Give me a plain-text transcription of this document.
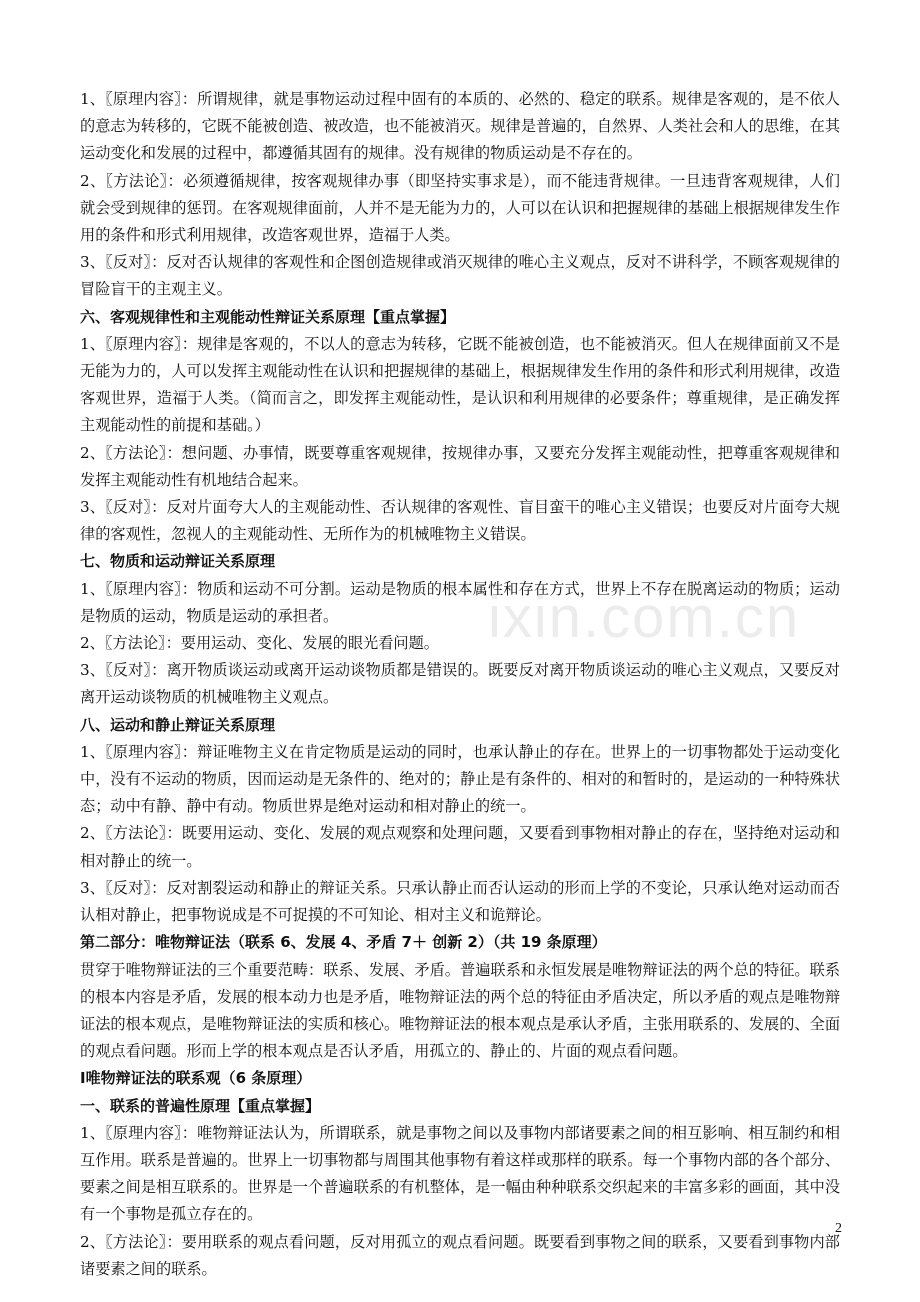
1、〖原理内容〗：所谓规律，就是事物运动过程中固有的本质的、必然的、稳定的联系。规律是客观的，是不依人的意志为转移的，它既不能被创造、被改造，也不能被消灭。规律是普遍的，自然界、人类社会和人的思维，在其运动变化和发展的过程中，都遵循其固有的规律。没有规律的物质运动是不存在的。

2、〖方法论〗：必须遵循规律，按客观规律办事（即坚持实事求是），而不能违背规律。一旦违背客观规律，人们就会受到规律的惩罚。在客观规律面前，人并不是无能为力的，人可以在认识和把握规律的基础上根据规律发生作用的条件和形式利用规律，改造客观世界，造福于人类。

3、〖反对〗：反对否认规律的客观性和企图创造规律或消灭规律的唯心主义观点，反对不讲科学，不顾客观规律的冒险盲干的主观主义。

六、客观规律性和主观能动性辩证关系原理【重点掌握】

1、〖原理内容〗：规律是客观的，不以人的意志为转移，它既不能被创造，也不能被消灭。但人在规律面前又不是无能为力的，人可以发挥主观能动性在认识和把握规律的基础上，根据规律发生作用的条件和形式利用规律，改造客观世界，造福于人类。（简而言之，即发挥主观能动性，是认识和利用规律的必要条件；尊重规律，是正确发挥主观能动性的前提和基础。）

2、〖方法论〗：想问题、办事情，既要尊重客观规律，按规律办事，又要充分发挥主观能动性，把尊重客观规律和发挥主观能动性有机地结合起来。

3、〖反对〗：反对片面夸大人的主观能动性、否认规律的客观性、盲目蛮干的唯心主义错误；也要反对片面夸大规律的客观性，忽视人的主观能动性、无所作为的机械唯物主义错误。

七、物质和运动辩证关系原理

1、〖原理内容〗：物质和运动不可分割。运动是物质的根本属性和存在方式，世界上不存在脱离运动的物质；运动是物质的运动，物质是运动的承担者。

2、〖方法论〗：要用运动、变化、发展的眼光看问题。

3、〖反对〗：离开物质谈运动或离开运动谈物质都是错误的。既要反对离开物质谈运动的唯心主义观点，又要反对离开运动谈物质的机械唯物主义观点。

八、运动和静止辩证关系原理

1、〖原理内容〗：辩证唯物主义在肯定物质是运动的同时，也承认静止的存在。世界上的一切事物都处于运动变化中，没有不运动的物质，因而运动是无条件的、绝对的；静止是有条件的、相对的和暂时的，是运动的一种特殊状态；动中有静、静中有动。物质世界是绝对运动和相对静止的统一。

2、〖方法论〗：既要用运动、变化、发展的观点观察和处理问题，又要看到事物相对静止的存在，坚持绝对运动和相对静止的统一。

3、〖反对〗：反对割裂运动和静止的辩证关系。只承认静止而否认运动的形而上学的不变论，只承认绝对运动而否认相对静止，把事物说成是不可捉摸的不可知论、相对主义和诡辩论。

第二部分：唯物辩证法（联系 6、发展 4、矛盾 7＋ 创新 2）（共 19 条原理）

贯穿于唯物辩证法的三个重要范畴：联系、发展、矛盾。普遍联系和永恒发展是唯物辩证法的两个总的特征。联系的根本内容是矛盾，发展的根本动力也是矛盾，唯物辩证法的两个总的特征由矛盾决定，所以矛盾的观点是唯物辩证法的根本观点，是唯物辩证法的实质和核心。唯物辩证法的根本观点是承认矛盾，主张用联系的、发展的、全面的观点看问题。形而上学的根本观点是否认矛盾，用孤立的、静止的、片面的观点看问题。

Ⅰ唯物辩证法的联系观（6 条原理）

一、联系的普遍性原理【重点掌握】

1、〖原理内容〗：唯物辩证法认为，所谓联系，就是事物之间以及事物内部诸要素之间的相互影响、相互制约和相互作用。联系是普遍的。世界上一切事物都与周围其他事物有着这样或那样的联系。每一个事物内部的各个部分、要素之间是相互联系的。世界是一个普遍联系的有机整体，是一幅由种种联系交织起来的丰富多彩的画面，其中没有一个事物是孤立存在的。

2、〖方法论〗：要用联系的观点看问题，反对用孤立的观点看问题。既要看到事物之间的联系，又要看到事物内部诸要素之间的联系。

ixin.com.cn
2
